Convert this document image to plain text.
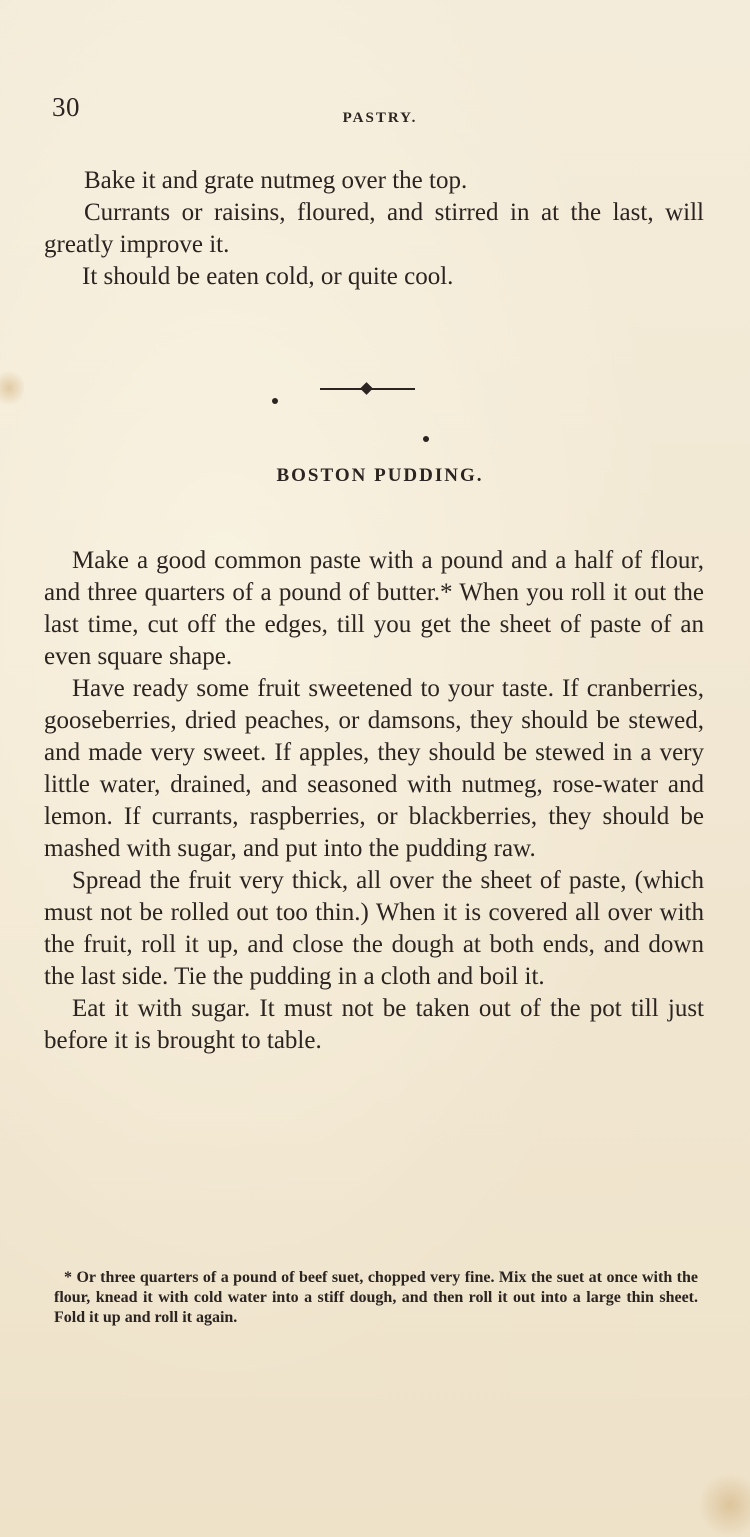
30	PASTRY.

Bake it and grate nutmeg over the top.

Currants or raisins, floured, and stirred in at the last, will greatly improve it.

It should be eaten cold, or quite cool.

BOSTON PUDDING.

Make a good common paste with a pound and a half of flour, and three quarters of a pound of butter.* When you roll it out the last time, cut off the edges, till you get the sheet of paste of an even square shape.

Have ready some fruit sweetened to your taste. If cranberries, gooseberries, dried peaches, or damsons, they should be stewed, and made very sweet. If apples, they should be stewed in a very little water, drained, and seasoned with nutmeg, rose-water and lemon. If currants, raspberries, or blackberries, they should be mashed with sugar, and put into the pudding raw.

Spread the fruit very thick, all over the sheet of paste, (which must not be rolled out too thin.) When it is covered all over with the fruit, roll it up, and close the dough at both ends, and down the last side. Tie the pudding in a cloth and boil it.

Eat it with sugar. It must not be taken out of the pot till just before it is brought to table.

* Or three quarters of a pound of beef suet, chopped very fine. Mix the suet at once with the flour, knead it with cold water into a stiff dough, and then roll it out into a large thin sheet. Fold it up and roll it again.
